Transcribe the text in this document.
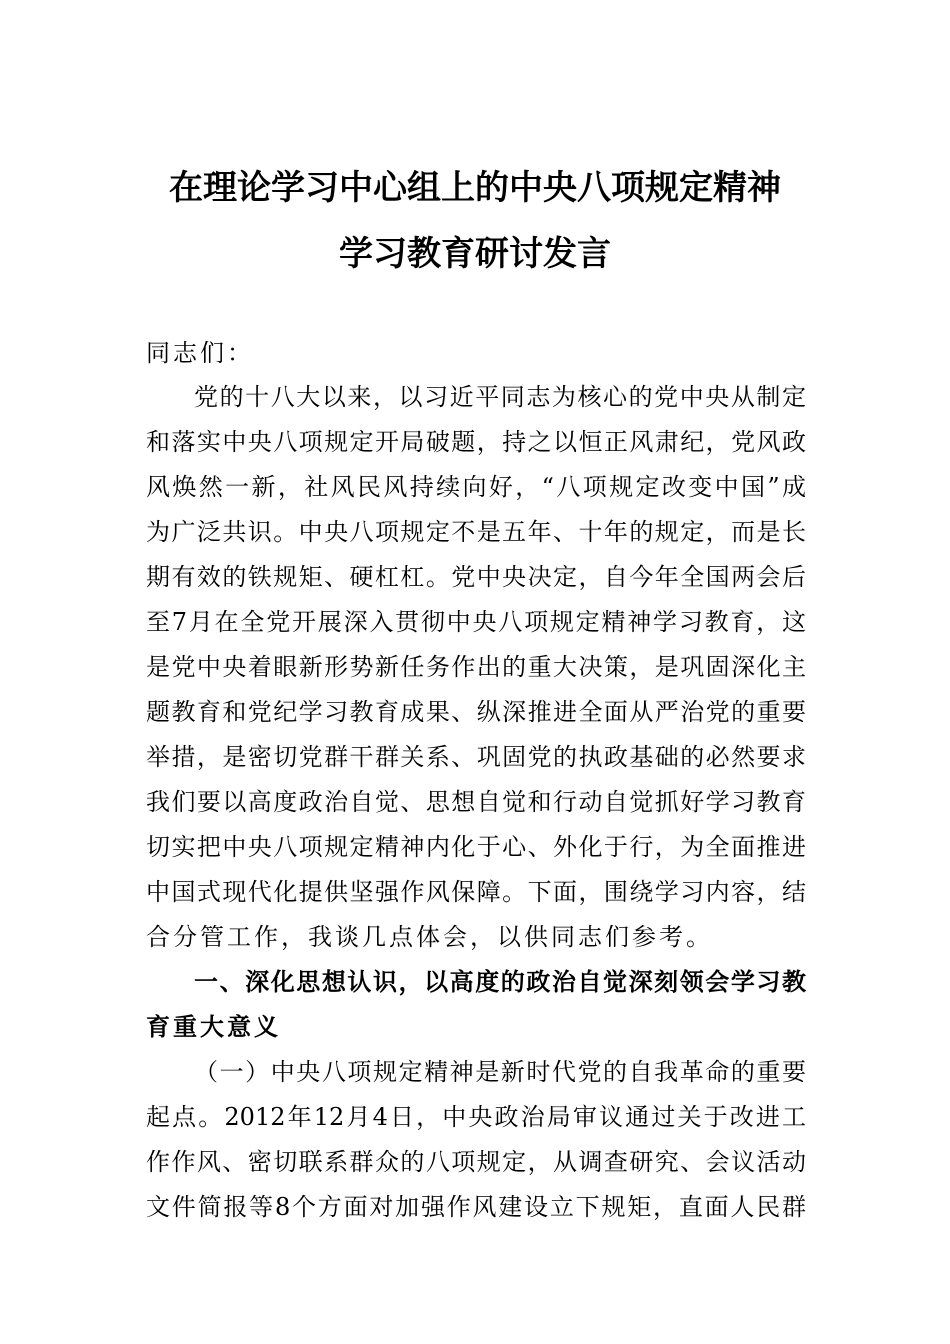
在理论学习中心组上的中央八项规定精神
学习教育研讨发言
同志们：
党的十八大以来，以习近平同志为核心的党中央从制定
和落实中央八项规定开局破题，持之以恒正风肃纪，党风政
风焕然一新，社风民风持续向好，“八项规定改变中国”成
为广泛共识。中央八项规定不是五年、十年的规定，而是长
期有效的铁规矩、硬杠杠。党中央决定，自今年全国两会后
至7月在全党开展深入贯彻中央八项规定精神学习教育，这
是党中央着眼新形势新任务作出的重大决策，是巩固深化主
题教育和党纪学习教育成果、纵深推进全面从严治党的重要
举措，是密切党群干群关系、巩固党的执政基础的必然要求
我们要以高度政治自觉、思想自觉和行动自觉抓好学习教育
切实把中央八项规定精神内化于心、外化于行，为全面推进
中国式现代化提供坚强作风保障。下面，围绕学习内容，结
合分管工作，我谈几点体会，以供同志们参考。
一、深化思想认识，以高度的政治自觉深刻领会学习教
育重大意义
（一）中央八项规定精神是新时代党的自我革命的重要
起点。2012年12月4日，中央政治局审议通过关于改进工
作作风、密切联系群众的八项规定，从调查研究、会议活动
文件简报等8个方面对加强作风建设立下规矩，直面人民群
